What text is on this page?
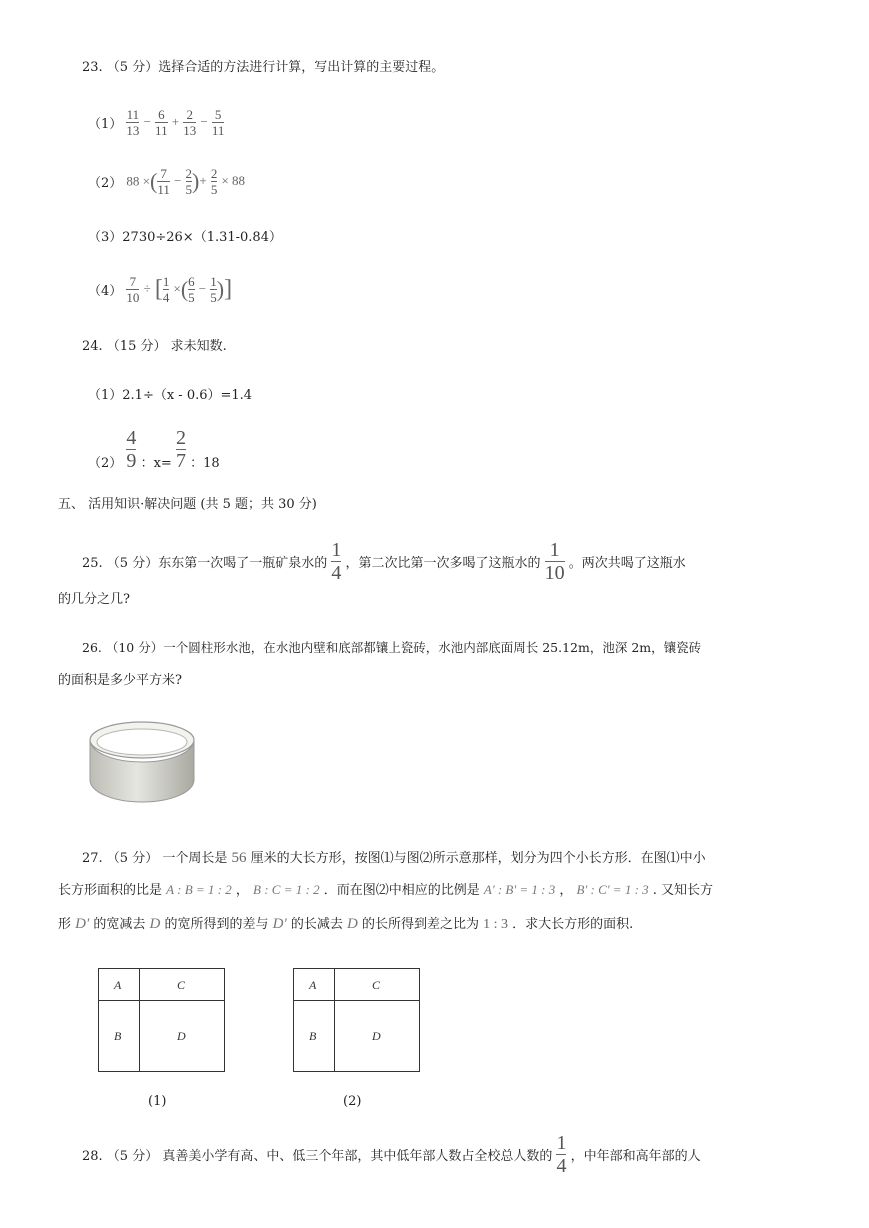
23. （5 分）选择合适的方法进行计算，写出计算的主要过程。
$(1) \frac{11}{13} - \frac{6}{11} + \frac{2}{13} - \frac{5}{11}$
（2） 88 ×( $\frac{7}{11} - \frac{2}{5}$ )+ $\frac{2}{5} \times 88$
（3）2730÷26×（1.31-0.84）
$(4) \frac{7}{10}$ ÷ [ $\frac{1}{4}$ ×( $\frac{6}{5} - \frac{1}{5}$ )]
24. （15 分） 求未知数.
（1）2.1÷（x - 0.6）=1.4
$(2) \frac{4}{9}$ ：$x= \frac{2}{7}$ ：18
五、 活用知识·解决问题 (共 5 题；共 30 分)
25. （5 分）东东第一次喝了一瓶矿泉水的 $\frac{1}{4}$ ，第二次比第一次多喝了这瓶水的 $\frac{1}{10}$ 。两次共喝了这瓶水
的几分之几?
26. （10 分）一个圆柱形水池，在水池内壁和底部都镶上瓷砖，水池内部底面周长 25.12m，池深 2m，镶瓷砖
的面积是多少平方米?
27. （5 分） 一个周长是 56 厘米的大长方形，按图⑴与图⑵所示意那样，划分为四个小长方形．在图⑴中小
长方形面积的比是 A : B = 1 : 2 ， B : C = 1 : 2 ．而在图⑵中相应的比例是 A' : B' = 1 : 3 ， B' : C' = 1 : 3 . 又知长方
形 D' 的宽减去 D 的宽所得到的差与 D' 的长减去 D 的长所得到差之比为 1 : 3 ．求大长方形的面积.
A	C
B	D
(1)
A	C
B	D
(2)
28. （5 分） 真善美小学有高、中、低三个年部，其中低年部人数占全校总人数的 $\frac{1}{4}$ ，中年部和高年部的人
